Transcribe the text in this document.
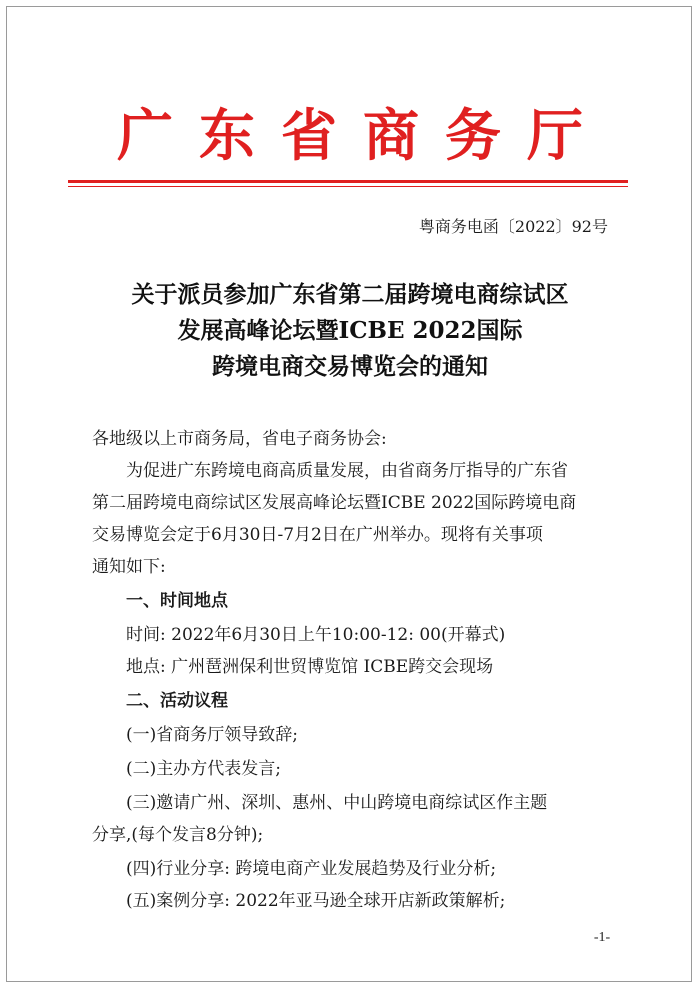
广东省商务厅
粤商务电函〔2022〕92号
关于派员参加广东省第二届跨境电商综试区
发展高峰论坛暨ICBE 2022国际
跨境电商交易博览会的通知
各地级以上市商务局，省电子商务协会:
为促进广东跨境电商高质量发展，由省商务厅指导的广东省
第二届跨境电商综试区发展高峰论坛暨ICBE 2022国际跨境电商
交易博览会定于6月30日-7月2日在广州举办。现将有关事项
通知如下:
一、时间地点
时间: 2022年6月30日上午10:00-12: 00(开幕式)
地点: 广州琶洲保利世贸博览馆 ICBE跨交会现场
二、活动议程
(一)省商务厅领导致辞;
(二)主办方代表发言;
(三)邀请广州、深圳、惠州、中山跨境电商综试区作主题
分享,(每个发言8分钟);
(四)行业分享: 跨境电商产业发展趋势及行业分析;
(五)案例分享: 2022年亚马逊全球开店新政策解析;
-1-
